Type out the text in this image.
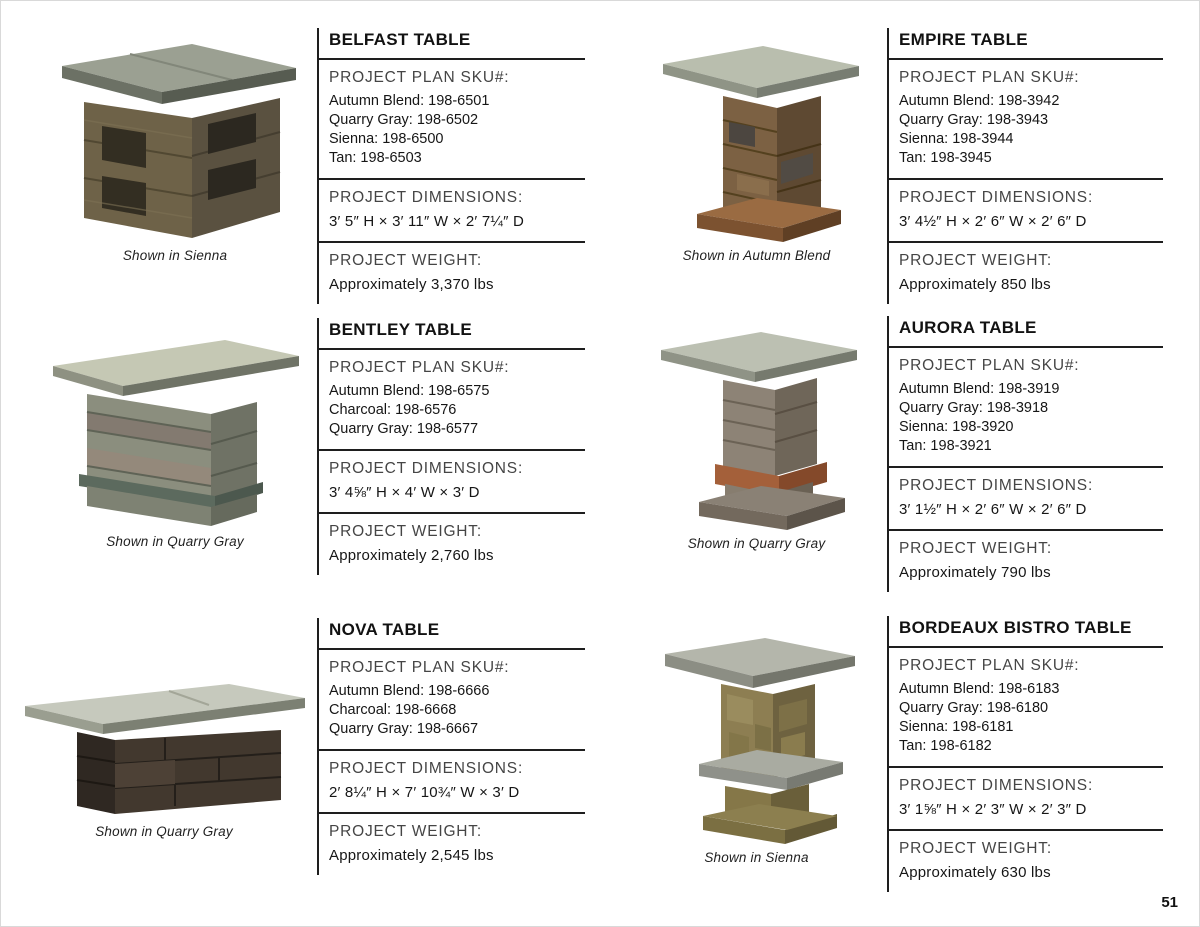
Shown in Sienna
BELFAST TABLE
PROJECT PLAN SKU#:
Autumn Blend: 198-6501
Quarry Gray: 198-6502
Sienna: 198-6500
Tan: 198-6503
PROJECT DIMENSIONS:
3′ 5″ H × 3′ 11″ W × 2′ 7¼″ D
PROJECT WEIGHT:
Approximately 3,370 lbs
Shown in Autumn Blend
EMPIRE TABLE
PROJECT PLAN SKU#:
Autumn Blend: 198-3942
Quarry Gray: 198-3943
Sienna: 198-3944
Tan: 198-3945
PROJECT DIMENSIONS:
3′ 4½″ H × 2′ 6″ W × 2′ 6″ D
PROJECT WEIGHT:
Approximately 850 lbs
Shown in Quarry Gray
BENTLEY TABLE
PROJECT PLAN SKU#:
Autumn Blend: 198-6575
Charcoal: 198-6576
Quarry Gray: 198-6577
PROJECT DIMENSIONS:
3′ 4⅝″ H × 4′ W × 3′ D
PROJECT WEIGHT:
Approximately 2,760 lbs
Shown in Quarry Gray
AURORA TABLE
PROJECT PLAN SKU#:
Autumn Blend: 198-3919
Quarry Gray: 198-3918
Sienna: 198-3920
Tan: 198-3921
PROJECT DIMENSIONS:
3′ 1½″ H × 2′ 6″ W × 2′ 6″ D
PROJECT WEIGHT:
Approximately 790 lbs
Shown in Quarry Gray
NOVA TABLE
PROJECT PLAN SKU#:
Autumn Blend: 198-6666
Charcoal: 198-6668
Quarry Gray: 198-6667
PROJECT DIMENSIONS:
2′ 8¼″ H × 7′ 10¾″ W × 3′ D
PROJECT WEIGHT:
Approximately 2,545 lbs	Shown in Sienna
BORDEAUX BISTRO TABLE
PROJECT PLAN SKU#:
Autumn Blend: 198-6183
Quarry Gray: 198-6180
Sienna: 198-6181
Tan: 198-6182
PROJECT DIMENSIONS:
3′ 1⅝″ H × 2′ 3″ W × 2′ 3″ D
PROJECT WEIGHT:
Approximately 630 lbs
51
